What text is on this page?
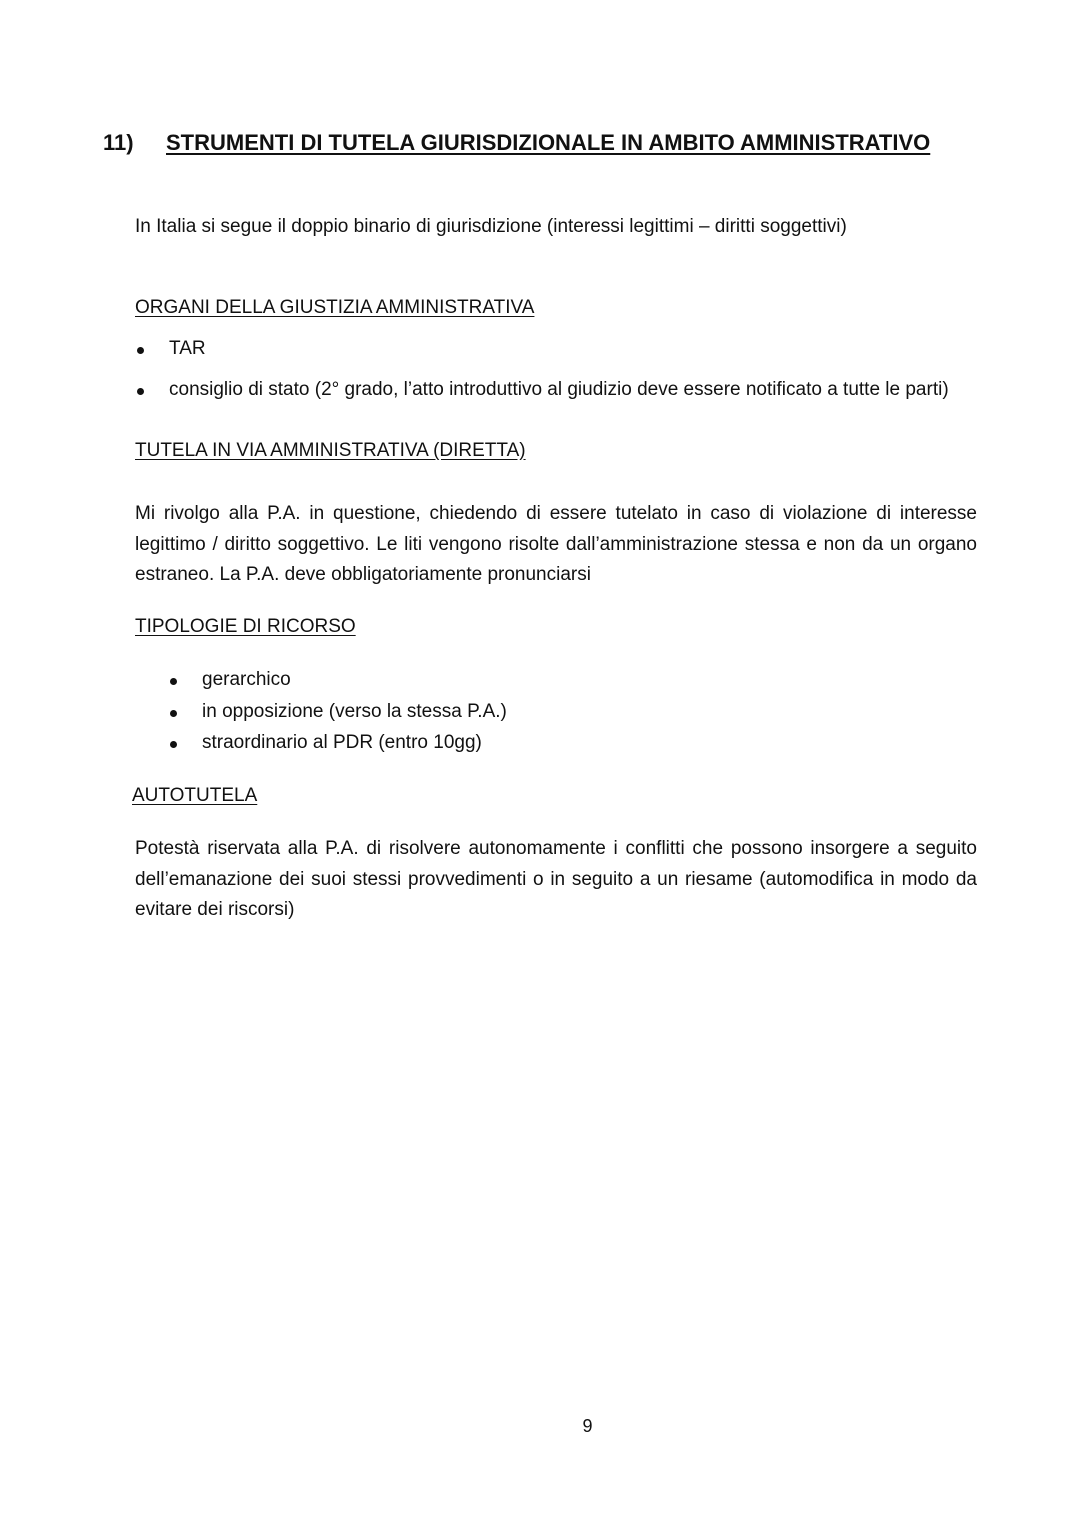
11) STRUMENTI DI TUTELA GIURISDIZIONALE IN AMBITO AMMINISTRATIVO
In Italia si segue il doppio binario di giurisdizione (interessi legittimi – diritti soggettivi)
ORGANI DELLA GIUSTIZIA AMMINISTRATIVA
TAR
consiglio di stato (2° grado, l’atto introduttivo al giudizio deve essere notificato a tutte le parti)
TUTELA IN VIA AMMINISTRATIVA (DIRETTA)
Mi rivolgo alla P.A. in questione, chiedendo di essere tutelato in caso di violazione di interesse legittimo / diritto soggettivo. Le liti vengono risolte dall’amministrazione stessa e non da un organo estraneo. La P.A. deve obbligatoriamente pronunciarsi
TIPOLOGIE DI RICORSO
gerarchico
in opposizione (verso la stessa P.A.)
straordinario al PDR (entro 10gg)
AUTOTUTELA
Potestà riservata alla P.A. di risolvere autonomamente i conflitti che possono insorgere a seguito dell’emanazione dei suoi stessi provvedimenti o in seguito a un riesame (automodifica in modo da evitare dei riscorsi)
9
